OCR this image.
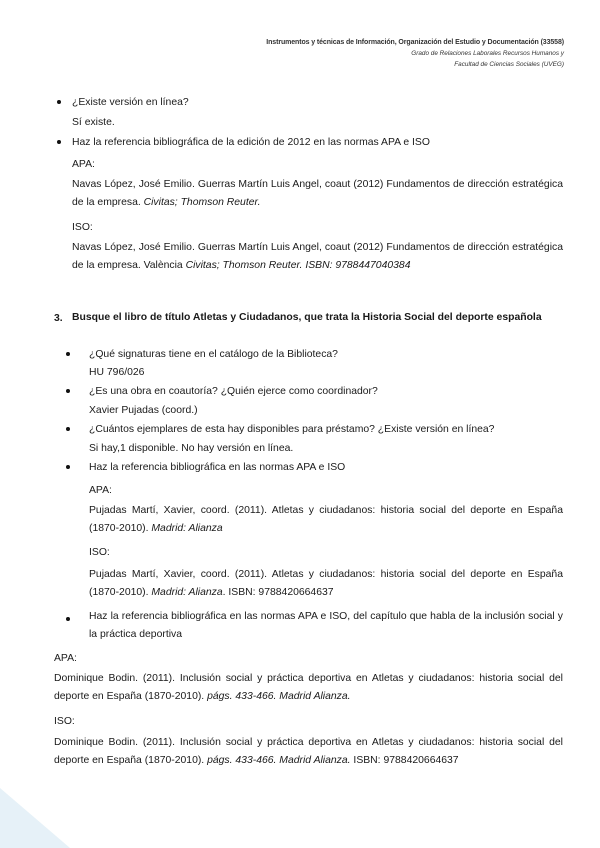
Instrumentos y técnicas de Información, Organización del Estudio y Documentación (33558)
Grado de Relaciones Laborales Recursos Humanos y
Facultad de Ciencias Sociales (UVEG)
¿Existe versión en línea?
Sí existe.
Haz la referencia bibliográfica de la edición de 2012 en las normas APA e ISO
APA:
Navas López, José Emilio. Guerras Martín Luis Angel, coaut (2012) Fundamentos de dirección estratégica de la empresa. Civitas; Thomson Reuter.
ISO:
Navas López, José Emilio. Guerras Martín Luis Angel, coaut (2012) Fundamentos de dirección estratégica de la empresa. València Civitas; Thomson Reuter. ISBN: 9788447040384
3. Busque el libro de título Atletas y Ciudadanos, que trata la Historia Social del deporte española
¿Qué signaturas tiene en el catálogo de la Biblioteca?
HU 796/026
¿Es una obra en coautoría? ¿Quién ejerce como coordinador?
Xavier Pujadas (coord.)
¿Cuántos ejemplares de esta hay disponibles para préstamo? ¿Existe versión en línea?
Si hay,1 disponible. No hay versión en línea.
Haz la referencia bibliográfica en las normas APA e ISO
APA:
Pujadas Martí, Xavier, coord. (2011). Atletas y ciudadanos: historia social del deporte en España (1870-2010). Madrid: Alianza
ISO:
Pujadas Martí, Xavier, coord. (2011). Atletas y ciudadanos: historia social del deporte en España (1870-2010). Madrid: Alianza. ISBN: 9788420664637
Haz la referencia bibliográfica en las normas APA e ISO, del capítulo que habla de la inclusión social y la práctica deportiva
APA:
Dominique Bodin. (2011). Inclusión social y práctica deportiva en Atletas y ciudadanos: historia social del deporte en España (1870-2010). págs. 433-466. Madrid Alianza.
ISO:
Dominique Bodin. (2011). Inclusión social y práctica deportiva en Atletas y ciudadanos: historia social del deporte en España (1870-2010). págs. 433-466. Madrid Alianza. ISBN: 9788420664637
